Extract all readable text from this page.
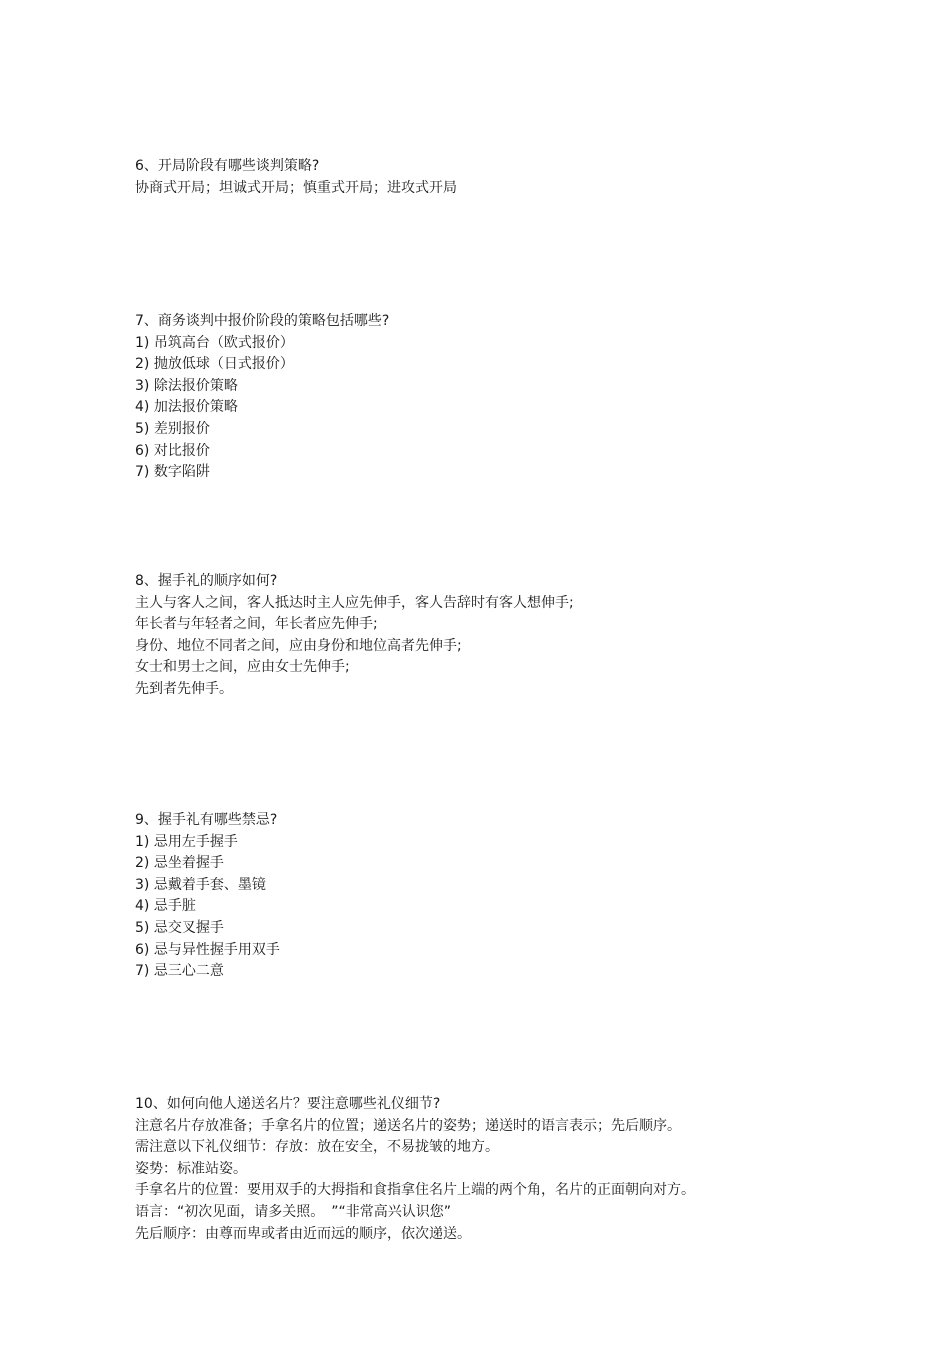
6、开局阶段有哪些谈判策略?
协商式开局；坦诚式开局；慎重式开局；进攻式开局
7、商务谈判中报价阶段的策略包括哪些?
1) 吊筑高台（欧式报价）
2) 抛放低球（日式报价）
3) 除法报价策略
4) 加法报价策略
5) 差别报价
6) 对比报价
7) 数字陷阱
8、握手礼的顺序如何?
主人与客人之间，客人抵达时主人应先伸手，客人告辞时有客人想伸手;
年长者与年轻者之间，年长者应先伸手;
身份、地位不同者之间，应由身份和地位高者先伸手;
女士和男士之间，应由女士先伸手;
先到者先伸手。
9、握手礼有哪些禁忌?
1) 忌用左手握手
2) 忌坐着握手
3) 忌戴着手套、墨镜
4) 忌手脏
5) 忌交叉握手
6) 忌与异性握手用双手
7) 忌三心二意
10、如何向他人递送名片？要注意哪些礼仪细节?
注意名片存放准备；手拿名片的位置；递送名片的姿势；递送时的语言表示；先后顺序。
需注意以下礼仪细节：存放：放在安全，不易拢皱的地方。
姿势：标准站姿。
手拿名片的位置：要用双手的大拇指和食指拿住名片上端的两个角，名片的正面朝向对方。
语言：“初次见面，请多关照。　”“非常高兴认识您”
先后顺序：由尊而卑或者由近而远的顺序，依次递送。
